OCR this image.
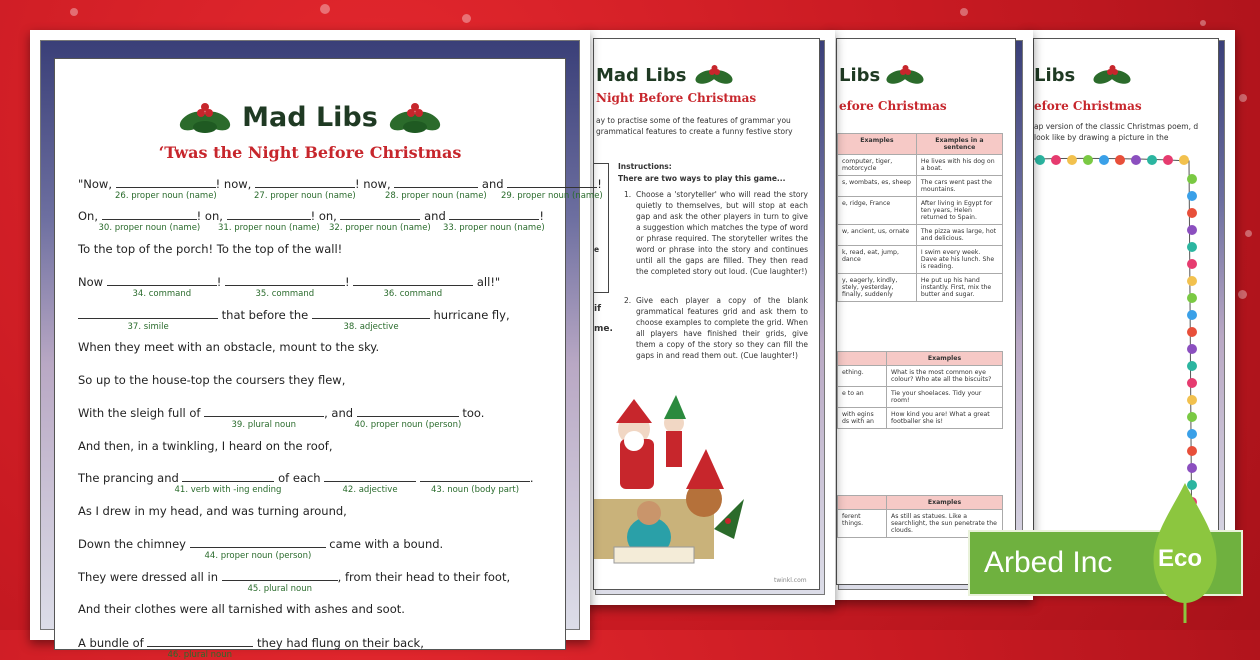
Libs
efore Christmas
ap version of the classic Christmas poem, d look like by drawing a picture in the
Libs
efore Christmas
Examples	Examples in a sentence
computer, tiger, motorcycle	He lives with his dog on a boat.
s, wombats, es, sheep	The cars went past the mountains.
e, ridge, France	After living in Egypt for ten years, Helen returned to Spain.
w, ancient, us, ornate	The pizza was large, hot and delicious.
k, read, eat, jump, dance	I swim every week. Dave ate his lunch. She is reading.
y, eagerly, kindly, stely, yesterday, finally, suddenly	He put up his hand instantly. First, mix the butter and sugar.
	Examples
ething.	What is the most common eye colour? Who ate all the biscuits?
e to an	Tie your shoelaces. Tidy your room!
with egins ds with an	How kind you are! What a great footballer she is!
	Examples
ferent things.	As still as statues. Like a searchlight, the sun penetrate the clouds.
Mad Libs
Night Before Christmas
ay to practise some of the features of grammar you grammatical features to create a funny festive story
e
if
me.
Instructions:
There are two ways to play this game...
1. Choose a 'storyteller' who will read the story quietly to themselves, but will stop at each gap and ask the other players in turn to give a suggestion which matches the type of word or phrase required. The storyteller writes the word or phrase into the story and continues until all the gaps are filled. They then read the completed story out loud. (Cue laughter!)
2. Give each player a copy of the blank grammatical features grid and ask them to choose examples to complete the grid. When all players have finished their grids, give them a copy of the story so they can fill the gaps in and read them out. (Cue laughter!)
twinkl.com
Mad Libs
‘Twas the Night Before Christmas
"Now,	! now,	! now,	and	!
26. proper noun (name)	27. proper noun (name)	28. proper noun (name) 29. proper noun (name)
On,	! on,	! on,	and	!
30. proper noun (name) 31. proper noun (name) 32. proper noun (name) 33. proper noun (name)
To the top of the porch! To the top of the wall!
Now	!	!	all!"
34. command	35. command	36. command
that before the	hurricane fly,
37. simile	38. adjective
When they meet with an obstacle, mount to the sky.
So up to the house-top the coursers they flew,
With the sleigh full of	, and	too.
39. plural noun	40. proper noun (person)
And then, in a twinkling, I heard on the roof,
The prancing and	of each	.
41. verb with -ing ending	42. adjective	43. noun (body part)
As I drew in my head, and was turning around,
Down the chimney	came with a bound.
44. proper noun (person)
They were dressed all in	, from their head to their foot,
45. plural noun
And their clothes were all tarnished with ashes and soot.
A bundle of	they had flung on their back,
46. plural noun
Arbed Inc Eco
